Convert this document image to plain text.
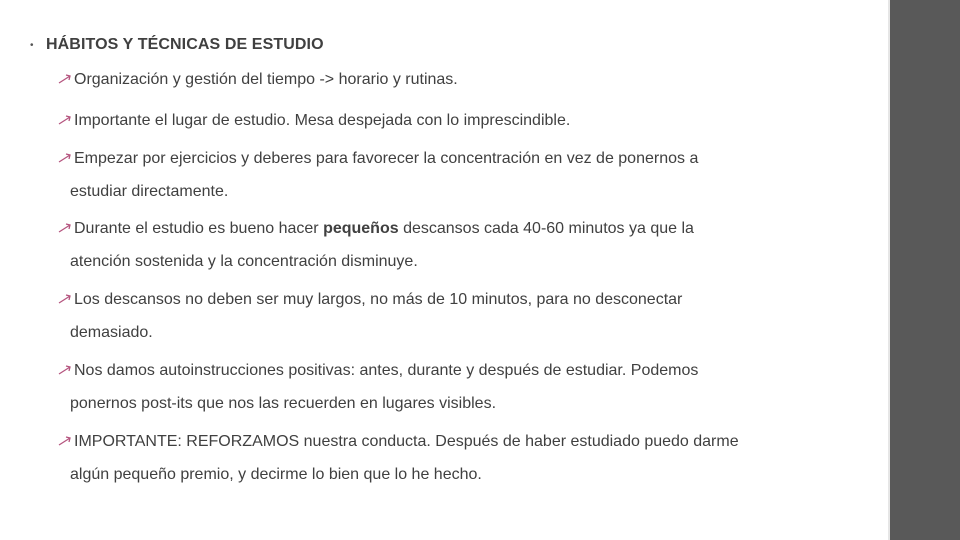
• HÁBITOS Y TÉCNICAS DE ESTUDIO
Organización y gestión del tiempo -> horario y rutinas.
Importante el lugar de estudio. Mesa despejada con lo imprescindible.
Empezar por ejercicios y deberes para favorecer la concentración en vez de ponernos a
estudiar directamente.
Durante el estudio es bueno hacer pequeños descansos cada 40-60 minutos ya que la
atención sostenida y la concentración disminuye.
Los descansos no deben ser muy largos, no más de 10 minutos, para no desconectar
demasiado.
Nos damos autoinstrucciones positivas: antes, durante y después de estudiar. Podemos
ponernos post-its que nos las recuerden en lugares visibles.
IMPORTANTE: REFORZAMOS nuestra conducta. Después de haber estudiado puedo darme
algún pequeño premio, y decirme lo bien que lo he hecho.
